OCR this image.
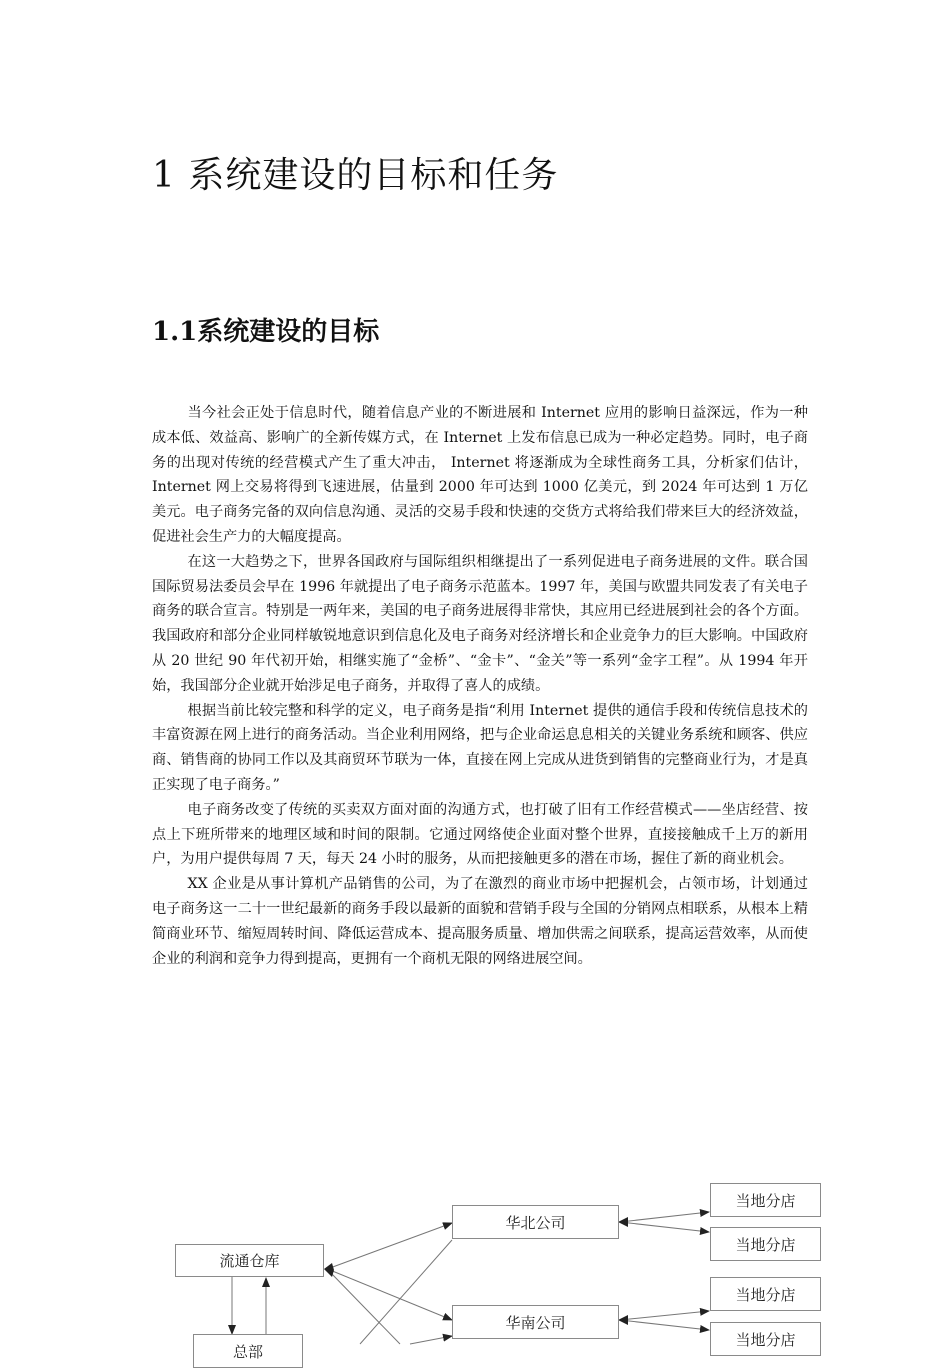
1 系统建设的目标和任务
1.1系统建设的目标

当今社会正处于信息时代，随着信息产业的不断进展和 Internet 应用的影响日益深远，作为一种成本低、效益高、影响广的全新传媒方式，在 Internet 上发布信息已成为一种必定趋势。同时，电子商务的出现对传统的经营模式产生了重大冲击， Internet 将逐渐成为全球性商务工具，分析家们估计， Internet 网上交易将得到飞速进展，估量到 2000 年可达到 1000 亿美元，到 2024 年可达到 1 万亿美元。电子商务完备的双向信息沟通、灵活的交易手段和快速的交货方式将给我们带来巨大的经济效益，促进社会生产力的大幅度提高。

在这一大趋势之下，世界各国政府与国际组织相继提出了一系列促进电子商务进展的文件。联合国国际贸易法委员会早在 1996 年就提出了电子商务示范蓝本。1997 年，美国与欧盟共同发表了有关电子商务的联合宣言。特别是一两年来，美国的电子商务进展得非常快，其应用已经进展到社会的各个方面。我国政府和部分企业同样敏锐地意识到信息化及电子商务对经济增长和企业竞争力的巨大影响。中国政府从 20 世纪 90 年代初开始，相继实施了“金桥”、“金卡”、“金关”等一系列“金字工程”。从 1994 年开始，我国部分企业就开始涉足电子商务，并取得了喜人的成绩。

根据当前比较完整和科学的定义，电子商务是指“利用 Internet 提供的通信手段和传统信息技术的丰富资源在网上进行的商务活动。当企业利用网络，把与企业命运息息相关的关键业务系统和顾客、供应商、销售商的协同工作以及其商贸环节联为一体，直接在网上完成从进货到销售的完整商业行为，才是真正实现了电子商务。”

电子商务改变了传统的买卖双方面对面的沟通方式，也打破了旧有工作经营模式——坐店经营、按点上下班所带来的地理区域和时间的限制。它通过网络使企业面对整个世界，直接接触成千上万的新用户，为用户提供每周 7 天，每天 24 小时的服务，从而把接触更多的潜在市场，握住了新的商业机会。

XX 企业是从事计算机产品销售的公司，为了在激烈的商业市场中把握机会，占领市场，计划通过电子商务这一二十一世纪最新的商务手段以最新的面貌和营销手段与全国的分销网点相联系，从根本上精简商业环节、缩短周转时间、降低运营成本、提高服务质量、增加供需之间联系，提高运营效率，从而使企业的利润和竞争力得到提高，更拥有一个商机无限的网络进展空间。

流通仓库
华北公司
华南公司
总部
当地分店
当地分店
当地分店
当地分店
